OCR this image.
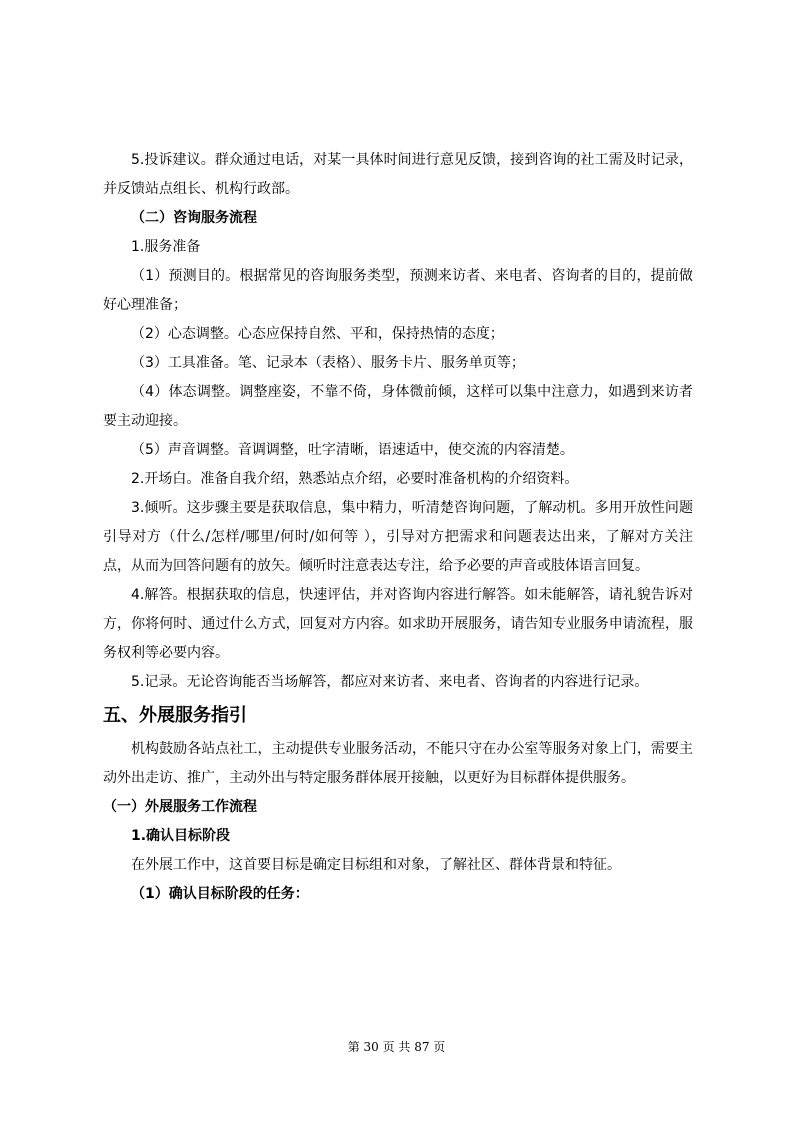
5.投诉建议。群众通过电话，对某一具体时间进行意见反馈，接到咨询的社工需及时记录，并反馈站点组长、机构行政部。

（二）咨询服务流程

1.服务准备

（1）预测目的。根据常见的咨询服务类型，预测来访者、来电者、咨询者的目的，提前做好心理准备；

（2）心态调整。心态应保持自然、平和，保持热情的态度；

（3）工具准备。笔、记录本（表格）、服务卡片、服务单页等；

（4）体态调整。调整座姿，不靠不倚，身体微前倾，这样可以集中注意力，如遇到来访者要主动迎接。

（5）声音调整。音调调整，吐字清晰，语速适中，使交流的内容清楚。

2.开场白。准备自我介绍，熟悉站点介绍，必要时准备机构的介绍资料。

3.倾听。这步骤主要是获取信息，集中精力，听清楚咨询问题，了解动机。多用开放性问题引导对方（什么/怎样/哪里/何时/如何等 ），引导对方把需求和问题表达出来，了解对方关注点，从而为回答问题有的放矢。倾听时注意表达专注，给予必要的声音或肢体语言回复。

4.解答。根据获取的信息，快速评估，并对咨询内容进行解答。如未能解答，请礼貌告诉对方，你将何时、通过什么方式，回复对方内容。如求助开展服务，请告知专业服务申请流程，服务权利等必要内容。

5.记录。无论咨询能否当场解答，都应对来访者、来电者、咨询者的内容进行记录。

五、外展服务指引

机构鼓励各站点社工，主动提供专业服务活动，不能只守在办公室等服务对象上门，需要主动外出走访、推广，主动外出与特定服务群体展开接触，以更好为目标群体提供服务。

（一）外展服务工作流程

1.确认目标阶段

在外展工作中，这首要目标是确定目标组和对象，了解社区、群体背景和特征。

（1）确认目标阶段的任务：

第 30 页 共 87 页
